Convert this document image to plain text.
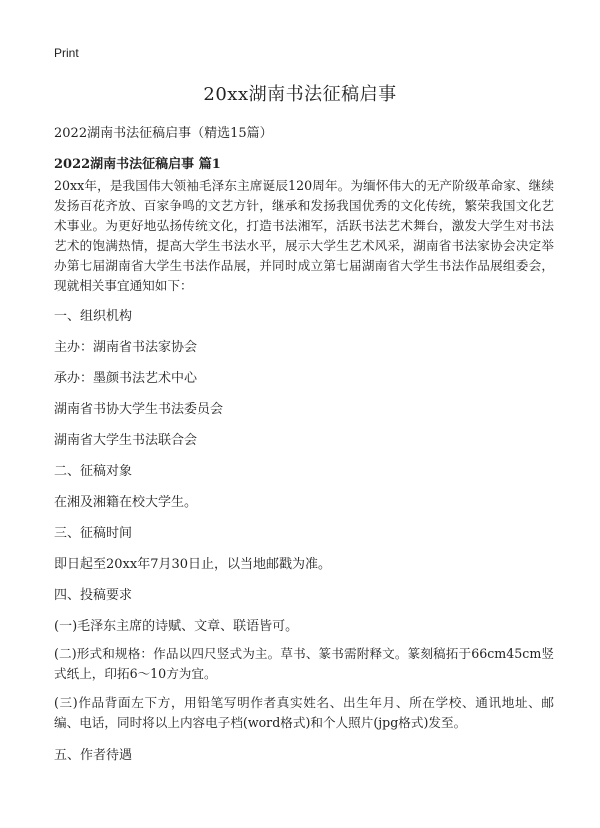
Print
20xx湖南书法征稿启事
2022湖南书法征稿启事（精选15篇）
2022湖南书法征稿启事 篇1

20xx年，是我国伟大领袖毛泽东主席诞辰120周年。为缅怀伟大的无产阶级革命家、继续发扬百花齐放、百家争鸣的文艺方针，继承和发扬我国优秀的文化传统，繁荣我国文化艺术事业。为更好地弘扬传统文化，打造书法湘军，活跃书法艺术舞台，激发大学生对书法艺术的饱满热情，提高大学生书法水平，展示大学生艺术风采，湖南省书法家协会决定举办第七届湖南省大学生书法作品展，并同时成立第七届湖南省大学生书法作品展组委会，现就相关事宜通知如下：

一、组织机构
主办：湖南省书法家协会
承办：墨颜书法艺术中心
湖南省书协大学生书法委员会
湖南省大学生书法联合会
二、征稿对象
在湘及湘籍在校大学生。
三、征稿时间
即日起至20xx年7月30日止，以当地邮戳为准。
四、投稿要求
(一)毛泽东主席的诗赋、文章、联语皆可。

(二)形式和规格：作品以四尺竖式为主。草书、篆书需附释文。篆刻稿拓于66cm45cm竖式纸上，印拓6～10方为宜。

(三)作品背面左下方，用铅笔写明作者真实姓名、出生年月、所在学校、通讯地址、邮编、电话，同时将以上内容电子档(word格式)和个人照片(jpg格式)发至。

五、作者待遇
